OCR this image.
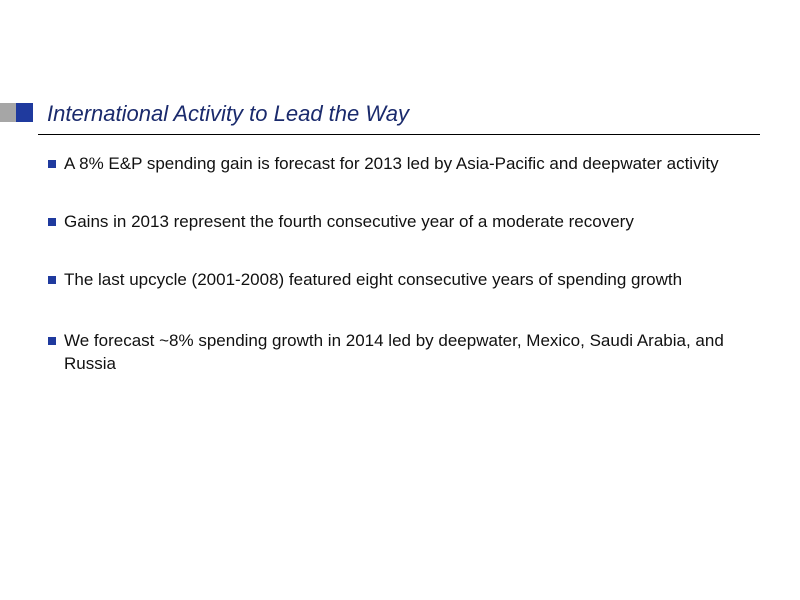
International Activity to Lead the Way
A 8% E&P spending gain is forecast for 2013 led by Asia-Pacific and deepwater activity
Gains in 2013 represent the fourth consecutive year of a moderate recovery
The last upcycle (2001-2008) featured eight consecutive years of spending growth
We forecast ~8% spending growth in 2014 led by deepwater, Mexico, Saudi Arabia, and Russia
